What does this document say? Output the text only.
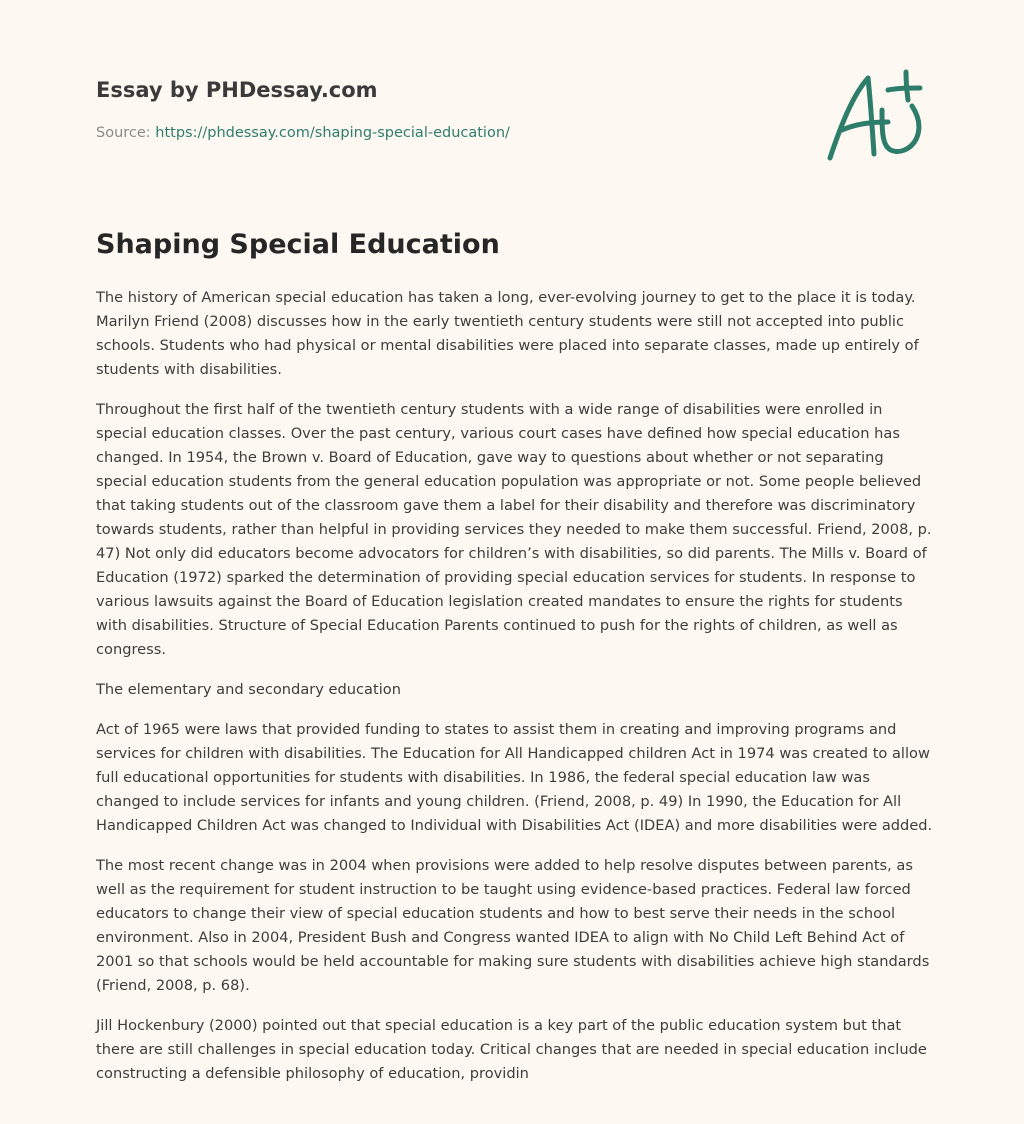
Essay by PHDessay.com
Source: https://phdessay.com/shaping-special-education/
Shaping Special Education

The history of American special education has taken a long, ever-evolving journey to get to the place it is today. Marilyn Friend (2008) discusses how in the early twentieth century students were still not accepted into public schools. Students who had physical or mental disabilities were placed into separate classes, made up entirely of students with disabilities.

Throughout the first half of the twentieth century students with a wide range of disabilities were enrolled in special education classes. Over the past century, various court cases have defined how special education has changed. In 1954, the Brown v. Board of Education, gave way to questions about whether or not separating special education students from the general education population was appropriate or not. Some people believed that taking students out of the classroom gave them a label for their disability and therefore was discriminatory towards students, rather than helpful in providing services they needed to make them successful. Friend, 2008, p. 47) Not only did educators become advocators for children’s with disabilities, so did parents. The Mills v. Board of Education (1972) sparked the determination of providing special education services for students. In response to various lawsuits against the Board of Education legislation created mandates to ensure the rights for students with disabilities. Structure of Special Education Parents continued to push for the rights of children, as well as congress.

The elementary and secondary education

Act of 1965 were laws that provided funding to states to assist them in creating and improving programs and services for children with disabilities. The Education for All Handicapped children Act in 1974 was created to allow full educational opportunities for students with disabilities. In 1986, the federal special education law was changed to include services for infants and young children. (Friend, 2008, p. 49) In 1990, the Education for All Handicapped Children Act was changed to Individual with Disabilities Act (IDEA) and more disabilities were added.

The most recent change was in 2004 when provisions were added to help resolve disputes between parents, as well as the requirement for student instruction to be taught using evidence-based practices. Federal law forced educators to change their view of special education students and how to best serve their needs in the school environment. Also in 2004, President Bush and Congress wanted IDEA to align with No Child Left Behind Act of 2001 so that schools would be held accountable for making sure students with disabilities achieve high standards (Friend, 2008, p. 68).

Jill Hockenbury (2000) pointed out that special education is a key part of the public education system but that there are still challenges in special education today. Critical changes that are needed in special education include constructing a defensible philosophy of education, providin
